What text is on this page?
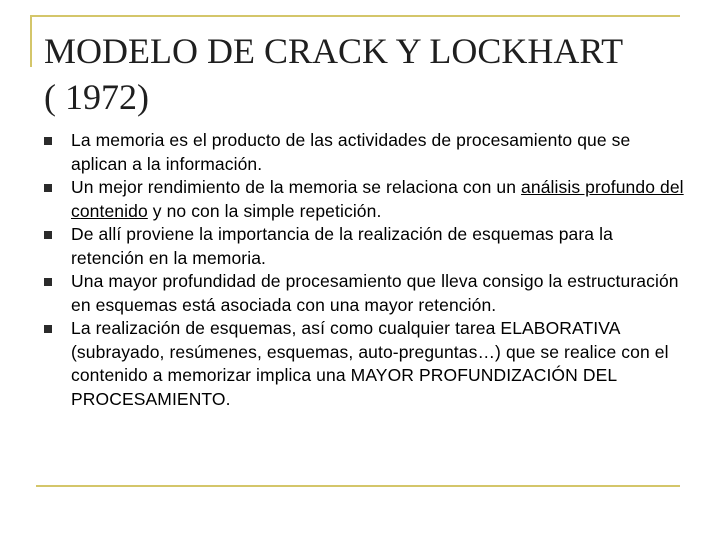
MODELO DE CRACK Y LOCKHART
( 1972)
La memoria es el producto de las actividades de procesamiento que se aplican a la información.
Un mejor rendimiento de la memoria se relaciona con un análisis profundo del contenido y no con la simple repetición.
De allí proviene la importancia de la realización de esquemas para la retención en la memoria.
Una mayor profundidad de procesamiento que lleva consigo la estructuración en esquemas está asociada con una mayor retención.
La realización de esquemas, así como cualquier tarea ELABORATIVA (subrayado, resúmenes, esquemas, auto-preguntas…) que se realice con el contenido a memorizar implica una MAYOR PROFUNDIZACIÓN DEL PROCESAMIENTO.
